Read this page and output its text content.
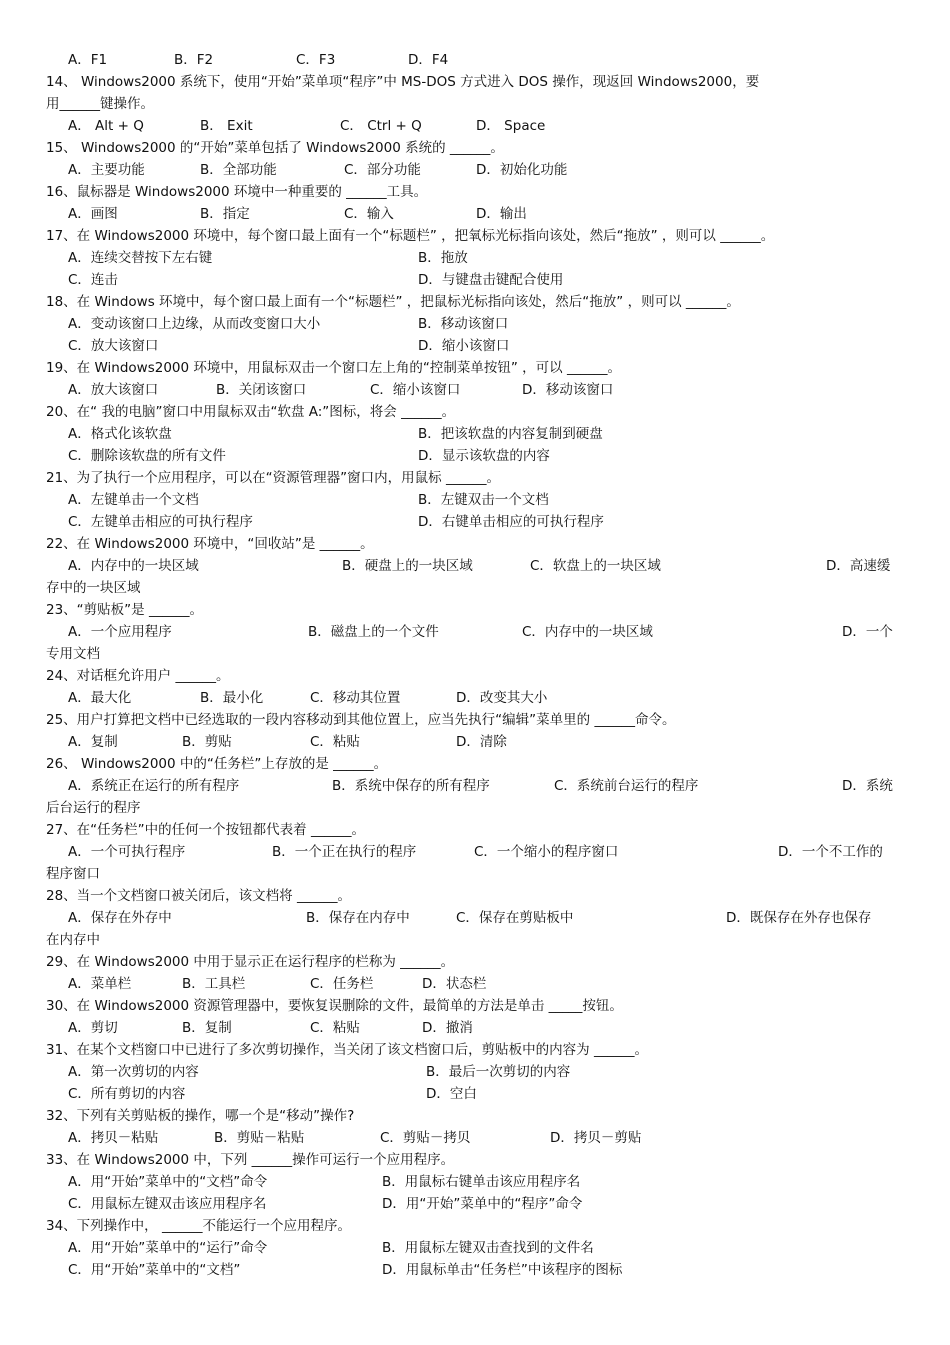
A．F1	B．F2	C．F3	D．F4
14、 Windows2000 系统下，使用“开始”菜单项“程序”中 MS-DOS 方式进入 DOS 操作，现返回 Windows2000，要
用______键操作。
A． Alt + Q	B． Exit	C． Ctrl + Q	D． Space
15、 Windows2000 的“开始”菜单包括了 Windows2000 系统的 ______。
A．主要功能	B．全部功能	C．部分功能	D．初始化功能
16、鼠标器是 Windows2000 环境中一种重要的 ______工具。
A．画图	B．指定	C．输入	D．输出
17、在 Windows2000 环境中，每个窗口最上面有一个“标题栏” ，把氧标光标指向该处，然后“拖放” ，则可以 ______。
A．连续交替按下左右键	B．拖放
C．连击	D．与键盘击键配合使用
18、在 Windows 环境中，每个窗口最上面有一个“标题栏” ，把鼠标光标指向该处，然后“拖放” ，则可以 ______。
A．变动该窗口上边缘，从而改变窗口大小	B．移动该窗口
C．放大该窗口	D．缩小该窗口
19、在 Windows2000 环境中，用鼠标双击一个窗口左上角的“控制菜单按钮” ，可以 ______。
A．放大该窗口	B．关闭该窗口	C．缩小该窗口	D．移动该窗口
20、在“ 我的电脑”窗口中用鼠标双击“软盘 A:”图标，将会 ______。
A．格式化该软盘	B．把该软盘的内容复制到硬盘
C．删除该软盘的所有文件	D．显示该软盘的内容
21、为了执行一个应用程序，可以在“资源管理器”窗口内，用鼠标 ______。
A．左键单击一个文档	B．左键双击一个文档
C．左键单击相应的可执行程序	D．右键单击相应的可执行程序
22、在 Windows2000 环境中，“回收站”是 ______。
A．内存中的一块区域	B．硬盘上的一块区域	C．软盘上的一块区域	D．高速缓
存中的一块区域
23、“剪贴板”是 ______。
A．一个应用程序	B．磁盘上的一个文件	C．内存中的一块区域	D．一个
专用文档
24、对话框允许用户 ______。
A．最大化	B．最小化	C．移动其位置	D．改变其大小
25、用户打算把文档中已经选取的一段内容移动到其他位置上，应当先执行“编辑”菜单里的 ______命令。
A．复制	B．剪贴	C．粘贴	D．清除
26、 Windows2000 中的“任务栏”上存放的是 ______。
A．系统正在运行的所有程序	B．系统中保存的所有程序	C．系统前台运行的程序	D．系统
后台运行的程序
27、在“任务栏”中的任何一个按钮都代表着 ______。
A．一个可执行程序	B．一个正在执行的程序	C．一个缩小的程序窗口	D．一个不工作的
程序窗口
28、当一个文档窗口被关闭后，该文档将 ______。
A．保存在外存中	B．保存在内存中	C．保存在剪贴板中	D．既保存在外存也保存
在内存中
29、在 Windows2000 中用于显示正在运行程序的栏称为 ______。
A．菜单栏	B．工具栏	C．任务栏	D．状态栏
30、在 Windows2000 资源管理器中，要恢复误删除的文件，最简单的方法是单击 _____按钮。
A．剪切	B．复制	C．粘贴	D．撤消
31、在某个文档窗口中已进行了多次剪切操作，当关闭了该文档窗口后，剪贴板中的内容为 ______。
A．第一次剪切的内容	B．最后一次剪切的内容
C．所有剪切的内容	D．空白
32、下列有关剪贴板的操作，哪一个是“移动”操作?
A．拷贝－粘贴	B．剪贴－粘贴	C．剪贴－拷贝	D．拷贝－剪贴
33、在 Windows2000 中，下列 ______操作可运行一个应用程序。
A．用“开始”菜单中的“文档”命令	B．用鼠标右键单击该应用程序名
C．用鼠标左键双击该应用程序名	D．用“开始”菜单中的“程序”命令
34、下列操作中， ______不能运行一个应用程序。
A．用“开始”菜单中的“运行”命令	B．用鼠标左键双击查找到的文件名
C．用“开始”菜单中的“文档”	D．用鼠标单击“任务栏”中该程序的图标
